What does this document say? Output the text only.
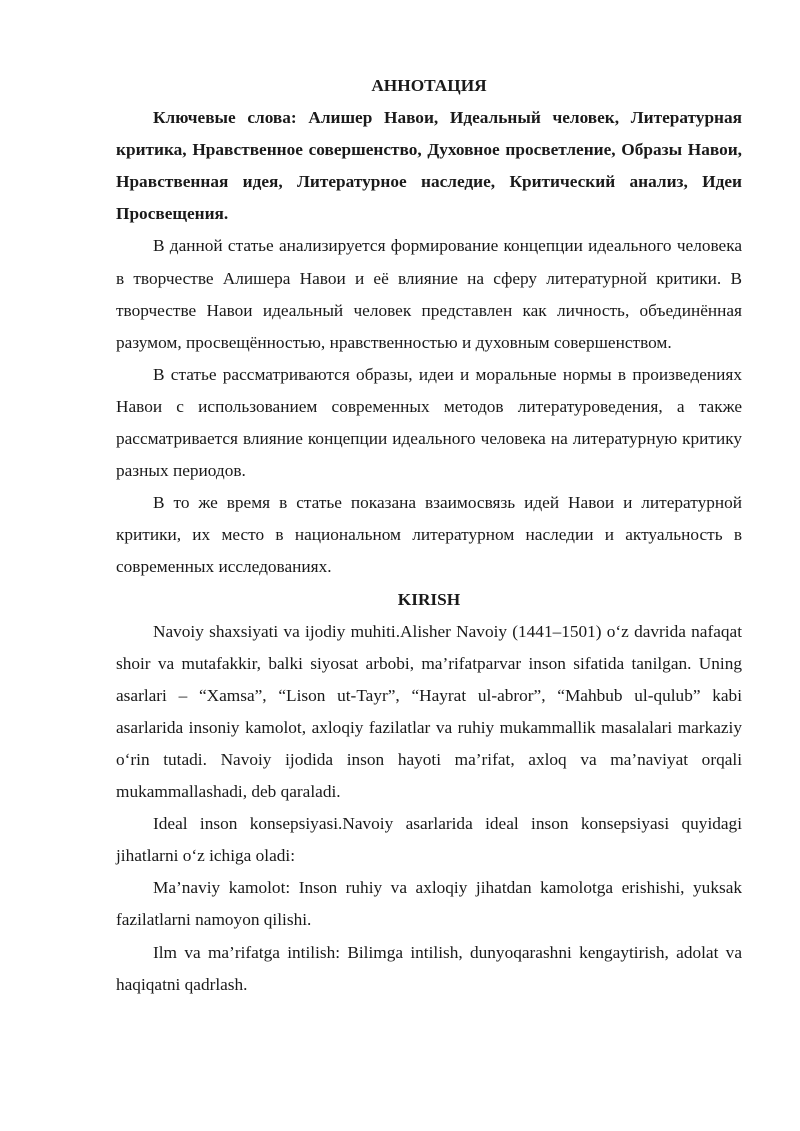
АННОТАЦИЯ

Ключевые слова: Алишер Навои, Идеальный человек, Литературная критика, Нравственное совершенство, Духовное просветление, Образы Навои, Нравственная идея, Литературное наследие, Критический анализ, Идеи Просвещения.

В данной статье анализируется формирование концепции идеального человека в творчестве Алишера Навои и её влияние на сферу литературной критики. В творчестве Навои идеальный человек представлен как личность, объединённая разумом, просвещённостью, нравственностью и духовным совершенством.

В статье рассматриваются образы, идеи и моральные нормы в произведениях Навои с использованием современных методов литературоведения, а также рассматривается влияние концепции идеального человека на литературную критику разных периодов.

В то же время в статье показана взаимосвязь идей Навои и литературной критики, их место в национальном литературном наследии и актуальность в современных исследованиях.

KIRISH

Navoiy shaxsiyati va ijodiy muhiti.Alisher Navoiy (1441–1501) o‘z davrida nafaqat shoir va mutafakkir, balki siyosat arbobi, ma’rifatparvar inson sifatida tanilgan. Uning asarlari – “Xamsa”, “Lison ut-Tayr”, “Hayrat ul-abror”, “Mahbub ul-qulub” kabi asarlarida insoniy kamolot, axloqiy fazilatlar va ruhiy mukammallik masalalari markaziy o‘rin tutadi. Navoiy ijodida inson hayoti ma’rifat, axloq va ma’naviyat orqali mukammallashadi, deb qaraladi.

Ideal inson konsepsiyasi.Navoiy asarlarida ideal inson konsepsiyasi quyidagi jihatlarni o‘z ichiga oladi:

Ma’naviy kamolot: Inson ruhiy va axloqiy jihatdan kamolotga erishishi, yuksak fazilatlarni namoyon qilishi.

Ilm va ma’rifatga intilish: Bilimga intilish, dunyoqarashni kengaytirish, adolat va haqiqatni qadrlash.
